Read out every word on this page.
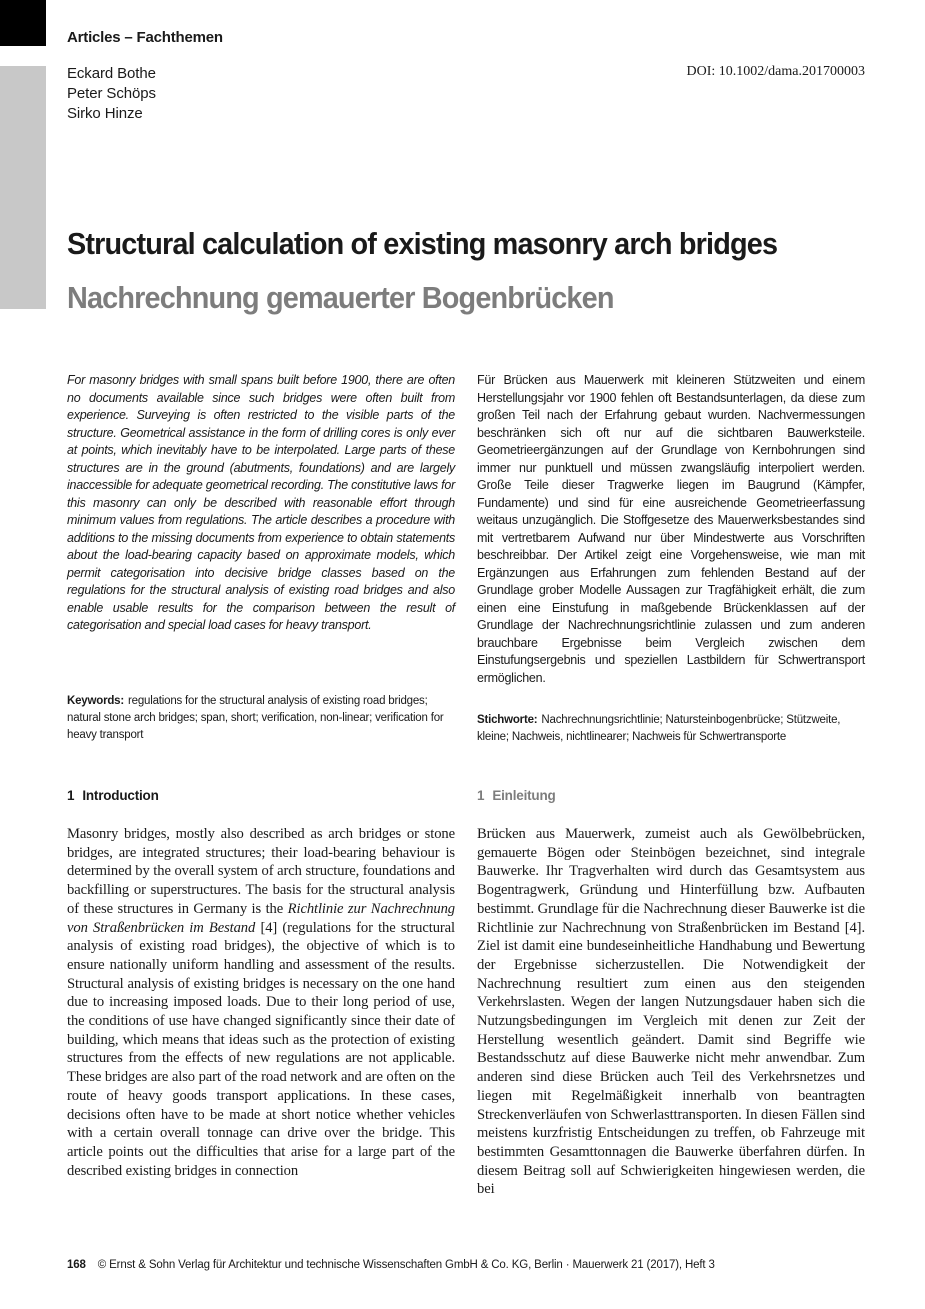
Articles – Fachthemen
Eckard Bothe
Peter Schöps
Sirko Hinze
DOI: 10.1002/dama.201700003
Structural calculation of existing masonry arch bridges
Nachrechnung gemauerter Bogenbrücken
For masonry bridges with small spans built before 1900, there are often no documents available since such bridges were often built from experience. Surveying is often restricted to the visible parts of the structure. Geometrical assistance in the form of drilling cores is only ever at points, which inevitably have to be interpolated. Large parts of these structures are in the ground (abutments, foundations) and are largely inaccessible for adequate geometrical recording. The constitutive laws for this masonry can only be described with reasonable effort through minimum values from regulations. The article describes a procedure with additions to the missing documents from experience to obtain statements about the load-bearing capacity based on approximate models, which permit categorisation into decisive bridge classes based on the regulations for the structural analysis of existing road bridges and also enable usable results for the comparison between the result of categorisation and special load cases for heavy transport.
Für Brücken aus Mauerwerk mit kleineren Stützweiten und einem Herstellungsjahr vor 1900 fehlen oft Bestandsunterlagen, da diese zum großen Teil nach der Erfahrung gebaut wurden. Nachvermessungen beschränken sich oft nur auf die sichtbaren Bauwerksteile. Geometrieergänzungen auf der Grundlage von Kernbohrungen sind immer nur punktuell und müssen zwangsläufig interpoliert werden. Große Teile dieser Tragwerke liegen im Baugrund (Kämpfer, Fundamente) und sind für eine ausreichende Geometrieerfassung weitaus unzugänglich. Die Stoffgesetze des Mauerwerksbestandes sind mit vertretbarem Aufwand nur über Mindestwerte aus Vorschriften beschreibbar. Der Artikel zeigt eine Vorgehensweise, wie man mit Ergänzungen aus Erfahrungen zum fehlenden Bestand auf der Grundlage grober Modelle Aussagen zur Tragfähigkeit erhält, die zum einen eine Einstufung in maßgebende Brückenklassen auf der Grundlage der Nachrechnungsrichtlinie zulassen und zum anderen brauchbare Ergebnisse beim Vergleich zwischen dem Einstufungsergebnis und speziellen Lastbildern für Schwertransport ermöglichen.
Keywords: regulations for the structural analysis of existing road bridges; natural stone arch bridges; span, short; verification, non-linear; verification for heavy transport
Stichworte: Nachrechnungsrichtlinie; Natursteinbogenbrücke; Stützweite, kleine; Nachweis, nichtlinearer; Nachweis für Schwertransporte
1 Introduction	1 Einleitung
Masonry bridges, mostly also described as arch bridges or stone bridges, are integrated structures; their load-bearing behaviour is determined by the overall system of arch structure, foundations and backfilling or superstructures. The basis for the structural analysis of these structures in Germany is the Richtlinie zur Nachrechnung von Straßenbrücken im Bestand [4] (regulations for the structural analysis of existing road bridges), the objective of which is to ensure nationally uniform handling and assessment of the results. Structural analysis of existing bridges is necessary on the one hand due to increasing imposed loads. Due to their long period of use, the conditions of use have changed significantly since their date of building, which means that ideas such as the protection of existing structures from the effects of new regulations are not applicable. These bridges are also part of the road network and are often on the route of heavy goods transport applications. In these cases, decisions often have to be made at short notice whether vehicles with a certain overall tonnage can drive over the bridge. This article points out the difficulties that arise for a large part of the described existing bridges in connection
Brücken aus Mauerwerk, zumeist auch als Gewölbebrücken, gemauerte Bögen oder Steinbögen bezeichnet, sind integrale Bauwerke. Ihr Tragverhalten wird durch das Gesamtsystem aus Bogentragwerk, Gründung und Hinterfüllung bzw. Aufbauten bestimmt. Grundlage für die Nachrechnung dieser Bauwerke ist die Richtlinie zur Nachrechnung von Straßenbrücken im Bestand [4]. Ziel ist damit eine bundeseinheitliche Handhabung und Bewertung der Ergebnisse sicherzustellen. Die Notwendigkeit der Nachrechnung resultiert zum einen aus den steigenden Verkehrslasten. Wegen der langen Nutzungsdauer haben sich die Nutzungsbedingungen im Vergleich mit denen zur Zeit der Herstellung wesentlich geändert. Damit sind Begriffe wie Bestandsschutz auf diese Bauwerke nicht mehr anwendbar. Zum anderen sind diese Brücken auch Teil des Verkehrsnetzes und liegen mit Regelmäßigkeit innerhalb von beantragten Streckenverläufen von Schwerlasttransporten. In diesen Fällen sind meistens kurzfristig Entscheidungen zu treffen, ob Fahrzeuge mit bestimmten Gesamttonnagen die Bauwerke überfahren dürfen. In diesem Beitrag soll auf Schwierigkeiten hingewiesen werden, die bei
168 © Ernst & Sohn Verlag für Architektur und technische Wissenschaften GmbH & Co. KG, Berlin · Mauerwerk 21 (2017), Heft 3
